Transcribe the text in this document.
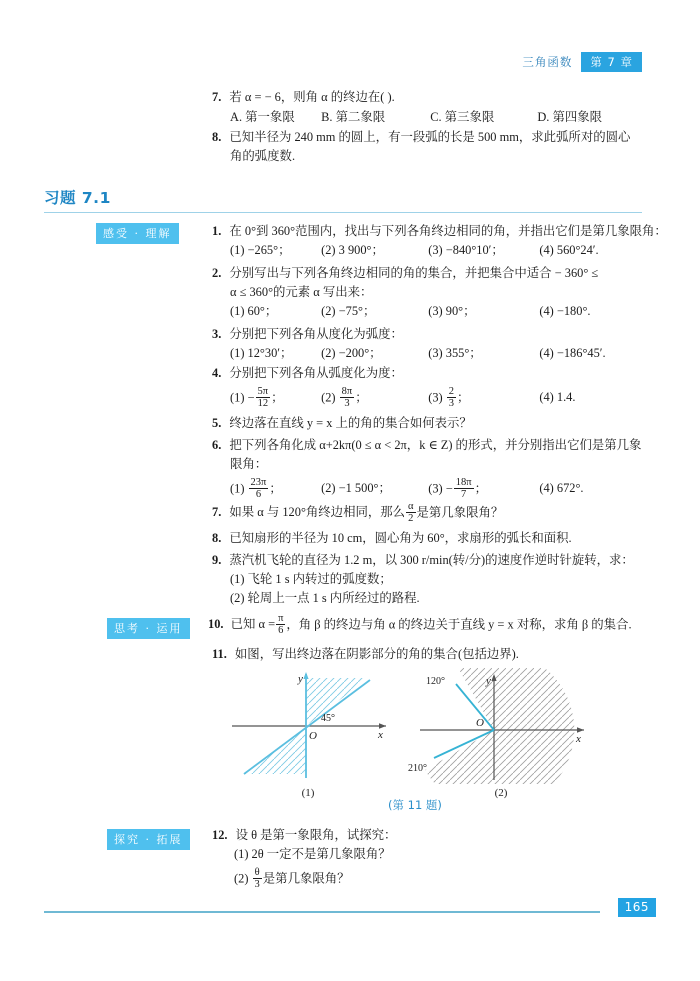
三角函数	第 7 章
7. 若 α = − 6，则角 α 的终边在( ).
A. 第一象限 B. 第二象限	C. 第三象限	D. 第四象限
8. 已知半径为 240 mm 的圆上，有一段弧的长是 500 mm，求此弧所对的圆心
角的弧度数.
习题 7.1
感受 · 理解	1. 在 0°到 360°范围内，找出与下列各角终边相同的角，并指出它们是第几象限角：
(1) −265°； (2) 3 900°；	(3) −840°10′；	(4) 560°24′.
2. 分别写出与下列各角终边相同的角的集合，并把集合中适合 − 360° ≤
α ≤ 360°的元素 α 写出来：
(1) 60°；	(2) −75°；	(3) 90°；	(4) −180°.
3. 分别把下列各角从度化为弧度：
(1) 12°30′； (2) −200°；	(3) 355°；	(4) −186°45′.
4. 分别把下列各角从弧度化为度：
$(1) - \frac{5\pi}{12}$ ；	$(2) \frac{8\pi}{3}$ ；	$(3) \frac{2}{3}$ ；	(4) 1.4.
5. 终边落在直线 y = x 上的角的集合如何表示？
6. 把下列各角化成 α+2kπ(0 ≤ α < 2π，k ∈ Z) 的形式，并分别指出它们是第几象
限角：
$(1) \frac{23\pi}{6}$ ；	(2) −1 500°；	$(3) - \frac{18\pi}{7}$ ；	(4) 672°.
7. 如果 α 与 120°角终边相同，那么 $\frac{\alpha}{2}$ 是第几象限角？
8. 已知扇形的半径为 10 cm，圆心角为 60°，求扇形的弧长和面积.
9. 蒸汽机飞轮的直径为 1.2 m，以 300 r/min(转/分)的速度作逆时针旋转，求：
(1) 飞轮 1 s 内转过的弧度数；
(2) 轮周上一点 1 s 内所经过的路程.
思考 · 运用	10. 已知 $\alpha = \frac{\pi}{6}$ ，角 β 的终边与角 α 的终边关于直线 y = x 对称，求角 β 的集合.
11. 如图，写出终边落在阴影部分的角的集合(包括边界).
y
x
O
45°
(1)
y
x
O
120°
210°
(2)
(第 11 题)
探究 · 拓展	12. 设 θ 是第一象限角，试探究：
(1) 2θ 一定不是第几象限角？
$(2) \frac{\theta}{3}$ 是第几象限角？
165
